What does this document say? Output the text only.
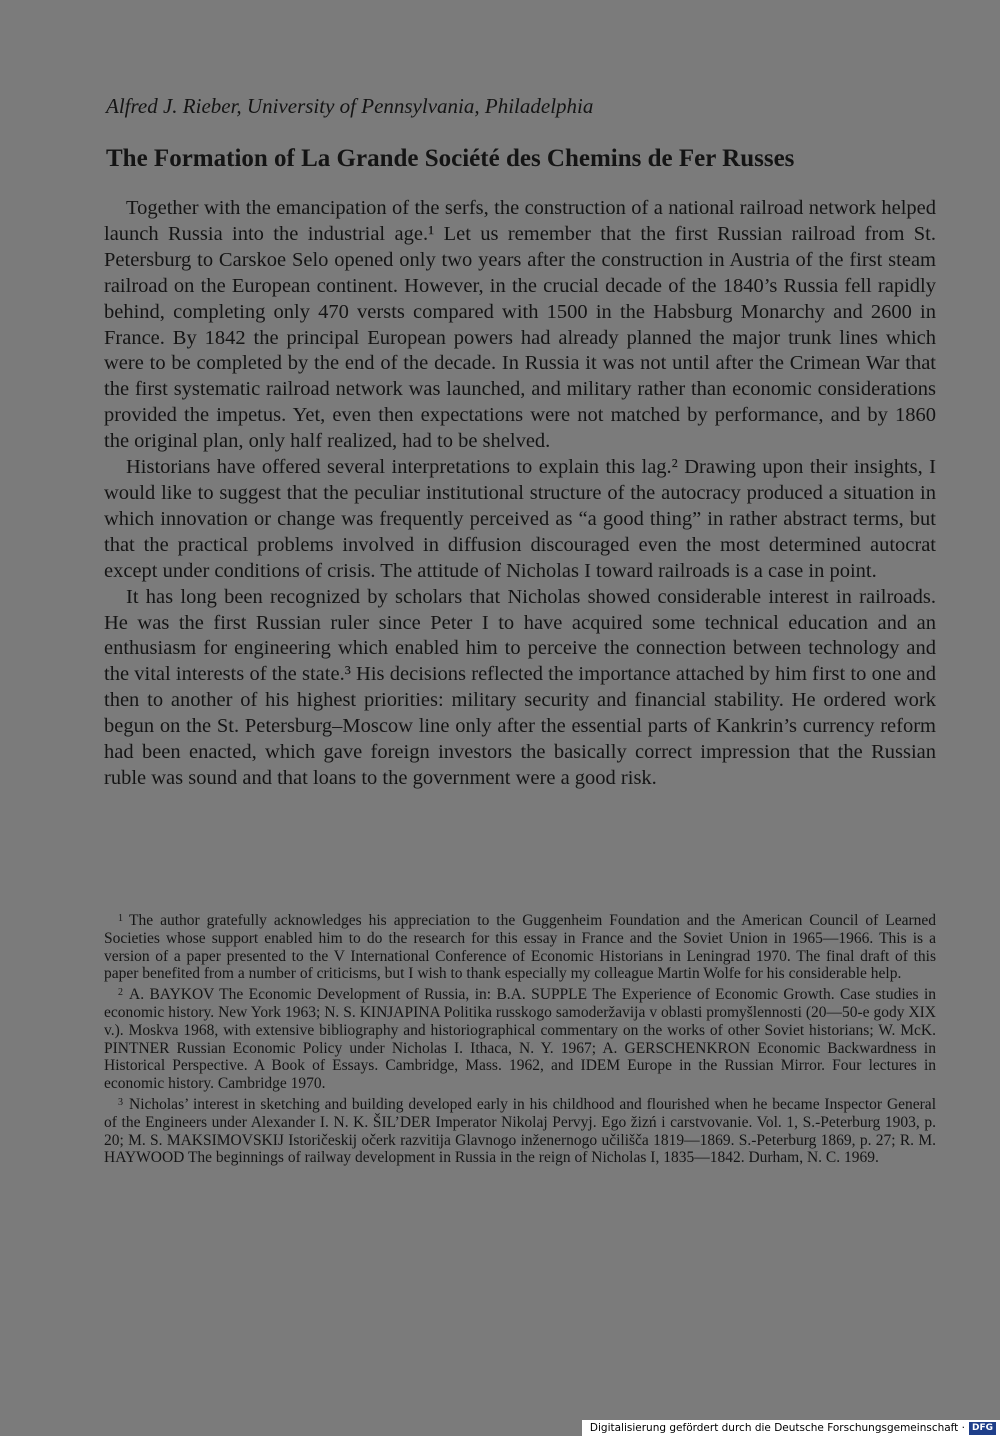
Alfred J. Rieber, University of Pennsylvania, Philadelphia
The Formation of La Grande Société des Chemins de Fer Russes

Together with the emancipation of the serfs, the construction of a national railroad network helped launch Russia into the industrial age.¹ Let us remember that the first Russian railroad from St. Petersburg to Carskoe Selo opened only two years after the construction in Austria of the first steam railroad on the European continent. However, in the crucial decade of the 1840’s Russia fell rapidly behind, completing only 470 versts compared with 1500 in the Habsburg Monarchy and 2600 in France. By 1842 the principal European powers had already planned the major trunk lines which were to be completed by the end of the decade. In Russia it was not until after the Crimean War that the first systematic railroad network was launched, and military rather than economic considerations provided the impetus. Yet, even then expectations were not matched by performance, and by 1860 the original plan, only half realized, had to be shelved.

Historians have offered several interpretations to explain this lag.² Drawing upon their insights, I would like to suggest that the peculiar institutional structure of the autocracy produced a situation in which innovation or change was frequently perceived as “a good thing” in rather abstract terms, but that the practical problems involved in diffusion discouraged even the most determined autocrat except under conditions of crisis. The attitude of Nicholas I toward railroads is a case in point.

It has long been recognized by scholars that Nicholas showed considerable interest in railroads. He was the first Russian ruler since Peter I to have acquired some technical education and an enthusiasm for engineering which enabled him to perceive the connection between technology and the vital interests of the state.³ His decisions reflected the importance attached by him first to one and then to another of his highest priorities: military security and financial stability. He ordered work begun on the St. Petersburg–Moscow line only after the essential parts of Kankrin’s currency reform had been enacted, which gave foreign investors the basically correct impression that the Russian ruble was sound and that loans to the government were a good risk.

$^1$ The author gratefully acknowledges his appreciation to the Guggenheim Foundation and the American Council of Learned Societies whose support enabled him to do the research for this essay in France and the Soviet Union in 1965—1966. This is a version of a paper presented to the V International Conference of Economic Historians in Leningrad 1970. The final draft of this paper benefited from a number of criticisms, but I wish to thank especially my colleague Martin Wolfe for his considerable help.

$^2$ A. BAYKOV The Economic Development of Russia, in: B.A. SUPPLE The Experience of Economic Growth. Case studies in economic history. New York 1963; N. S. KINJAPINA Politika russkogo samoderžavija v oblasti promyšlennosti (20—50-e gody XIX v.). Moskva 1968, with extensive bibliography and historiographical commentary on the works of other Soviet historians; W. McK. PINTNER Russian Economic Policy under Nicholas I. Ithaca, N. Y. 1967; A. GERSCHENKRON Economic Backwardness in Historical Perspective. A Book of Essays. Cambridge, Mass. 1962, and IDEM Europe in the Russian Mirror. Four lectures in economic history. Cambridge 1970.

$^3$ Nicholas’ interest in sketching and building developed early in his childhood and flourished when he became Inspector General of the Engineers under Alexander I. N. K. ŠIL’DER Imperator Nikolaj Pervyj. Ego žizń i carstvovanie. Vol. 1, S.-Peterburg 1903, p. 20; M. S. MAKSIMOVSKIJ Istoričeskij očerk razvitija Glavnogo inženernogo učilišča 1819—1869. S.-Peterburg 1869, p. 27; R. M. HAYWOOD The beginnings of railway development in Russia in the reign of Nicholas I, 1835—1842. Durham, N. C. 1969.

Digitalisierung gefördert durch die Deutsche Forschungsgemeinschaft · DFG
